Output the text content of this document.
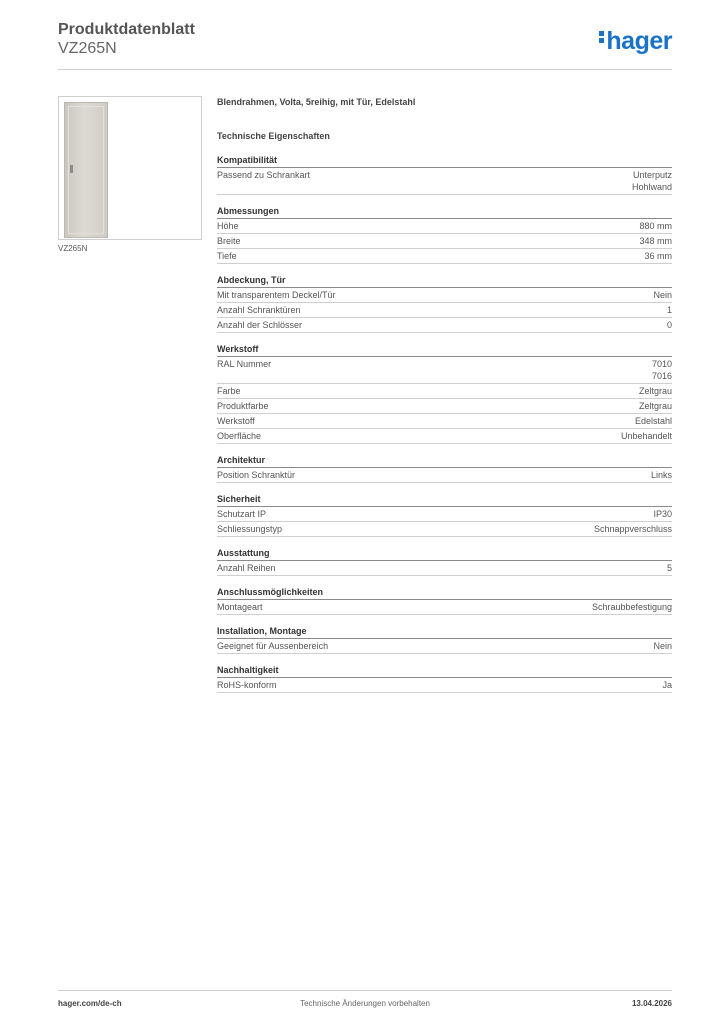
Produktdatenblatt
VZ265N	hager
VZ265N
Blendrahmen, Volta, 5reihig, mit Tür, Edelstahl
Technische Eigenschaften
Kompatibilität
Passend zu Schrankart	Unterputz
Hohlwand
Abmessungen
Höhe	880 mm
Breite	348 mm
Tiefe	36 mm
Abdeckung, Tür
Mit transparentem Deckel/Tür	Nein
Anzahl Schranktüren	1
Anzahl der Schlösser	0
Werkstoff
RAL Nummer	7010
7016
Farbe	Zeltgrau
Produktfarbe	Zeltgrau
Werkstoff	Edelstahl
Oberfläche	Unbehandelt
Architektur
Position Schranktür	Links
Sicherheit
Schutzart IP	IP30
Schliessungstyp	Schnappverschluss
Ausstattung
Anzahl Reihen	5
Anschlussmöglichkeiten
Montageart	Schraubbefestigung
Installation, Montage
Geeignet für Aussenbereich	Nein
Nachhaltigkeit
RoHS-konform	Ja
hager.com/de-ch	Technische Änderungen vorbehalten	13.04.2026
